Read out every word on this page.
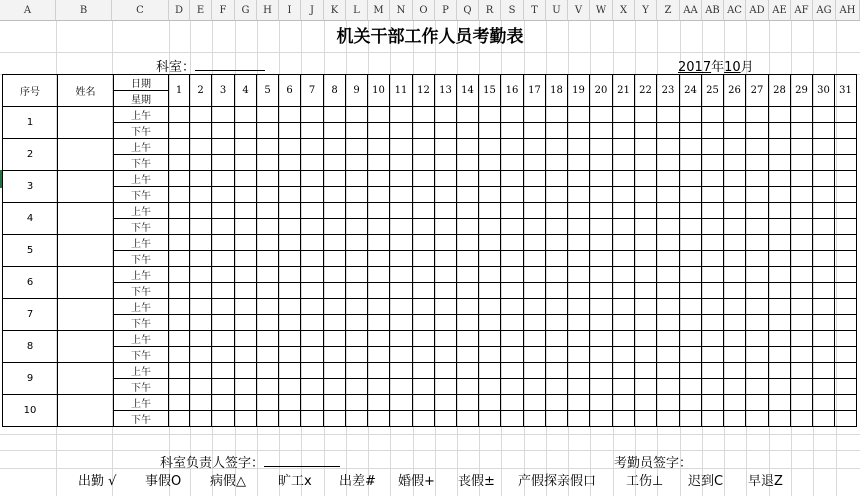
A	B	C	D	E	F	G	H	I	J	K	L	M	N	O	P	Q	R	S	T	U	V	W	X	Y	Z	AA AB AC AD AE AF AG AH
机关干部工作人员考勤表
科室：	2017年10月
序号	姓名	日期	1	2	3	4	5	6	7	8	9	10	11	12	13	14	15	16	17	18	19	20	21	22	23	24	25	26	27	28	29	30	31
		星期																															
1		上午																															
		下午																															
2		上午																															
		下午																															
3		上午																															
		下午																															
4		上午																															
		下午																															
5		上午																															
		下午																															
6		上午																															
		下午																															
7		上午																															
		下午																															
8		上午																															
		下午																															
9		上午																															
		下午																															
10		上午																															
		下午																															
科室负责人签字：	考勤员签字：
出勤 √ 事假O 病假△ 旷工x 出差# 婚假+ 丧假± 产假探亲假口 工伤⊥ 迟到C 早退Z
